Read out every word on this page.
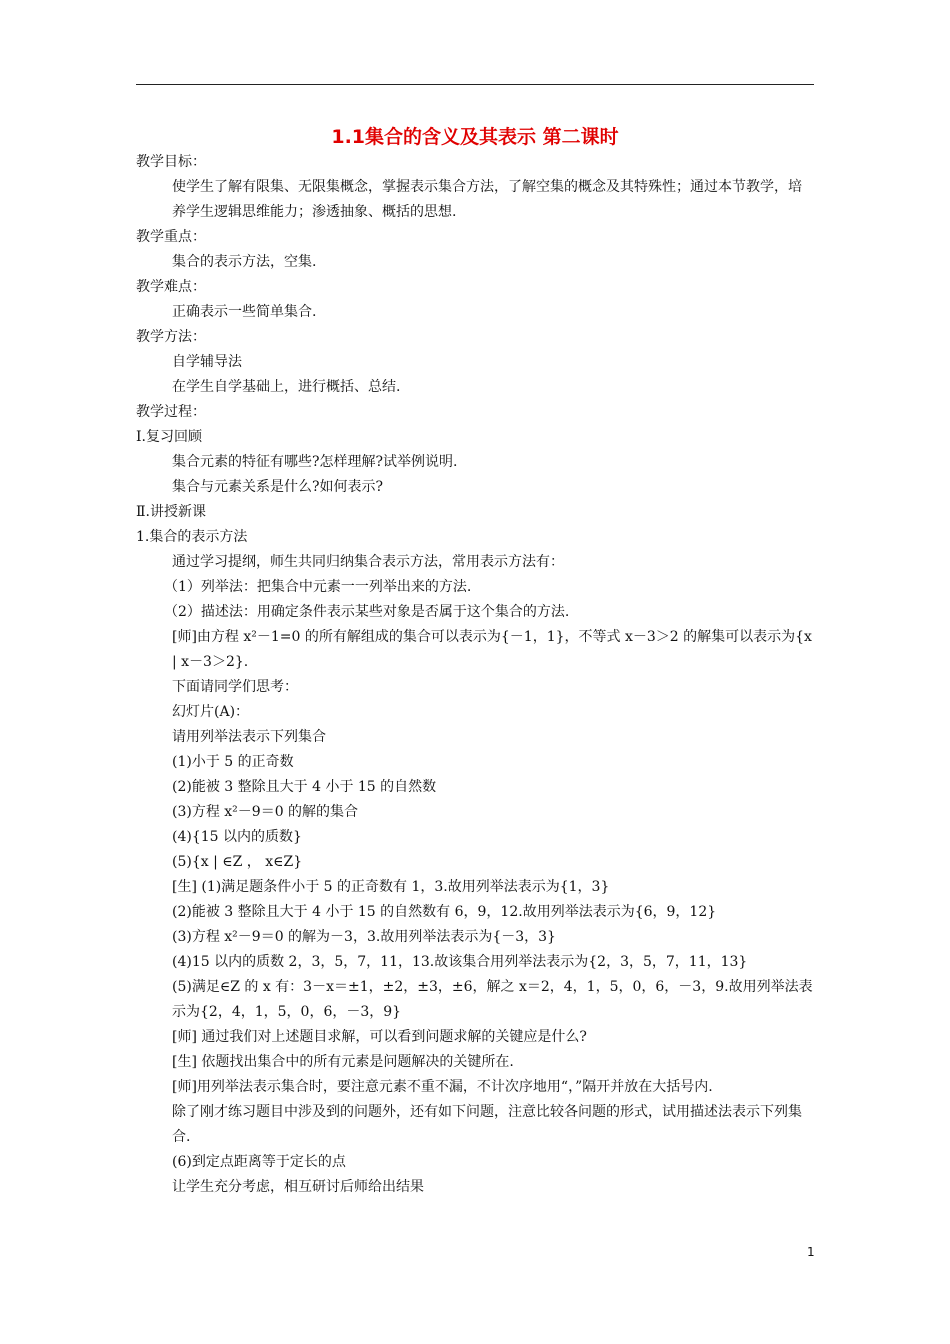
1.1集合的含义及其表示 第二课时

教学目标：

使学生了解有限集、无限集概念，掌握表示集合方法，了解空集的概念及其特殊性；通过本节教学，培养学生逻辑思维能力；渗透抽象、概括的思想.

教学重点：

集合的表示方法，空集.

教学难点：

正确表示一些简单集合.

教学方法：

自学辅导法

在学生自学基础上，进行概括、总结.

教学过程：

Ⅰ.复习回顾

集合元素的特征有哪些?怎样理解?试举例说明.

集合与元素关系是什么?如何表示?

Ⅱ.讲授新课

1.集合的表示方法

通过学习提纲，师生共同归纳集合表示方法，常用表示方法有：

（1）列举法：把集合中元素一一列举出来的方法.

（2）描述法：用确定条件表示某些对象是否属于这个集合的方法.

[师]由方程 x²－1=0 的所有解组成的集合可以表示为{－1，1}，不等式 x－3＞2 的解集可以表示为{x | x－3＞2}.

下面请同学们思考：

幻灯片(A)：

请用列举法表示下列集合

(1)小于 5 的正奇数

(2)能被 3 整除且大于 4 小于 15 的自然数

(3)方程 x²－9＝0 的解的集合

(4){15 以内的质数}

(5){x | ∈Z ， x∈Z}

[生] (1)满足题条件小于 5 的正奇数有 1，3.故用列举法表示为{1，3}

(2)能被 3 整除且大于 4 小于 15 的自然数有 6，9，12.故用列举法表示为{6，9，12}

(3)方程 x²－9＝0 的解为－3，3.故用列举法表示为{－3，3}

(4)15 以内的质数 2，3，5，7，11，13.故该集合用列举法表示为{2，3，5，7，11，13}

(5)满足∈Z 的 x 有：3－x＝±1，±2，±3，±6，解之 x＝2，4，1，5，0，6，－3，9.故用列举法表示为{2，4，1，5，0，6，－3，9}

[师] 通过我们对上述题目求解，可以看到问题求解的关键应是什么?

[生] 依题找出集合中的所有元素是问题解决的关键所在.

[师]用列举法表示集合时，要注意元素不重不漏，不计次序地用“，”隔开并放在大括号内.

除了刚才练习题目中涉及到的问题外，还有如下问题，注意比较各问题的形式，试用描述法表示下列集合.

(6)到定点距离等于定长的点

让学生充分考虑，相互研讨后师给出结果

1
